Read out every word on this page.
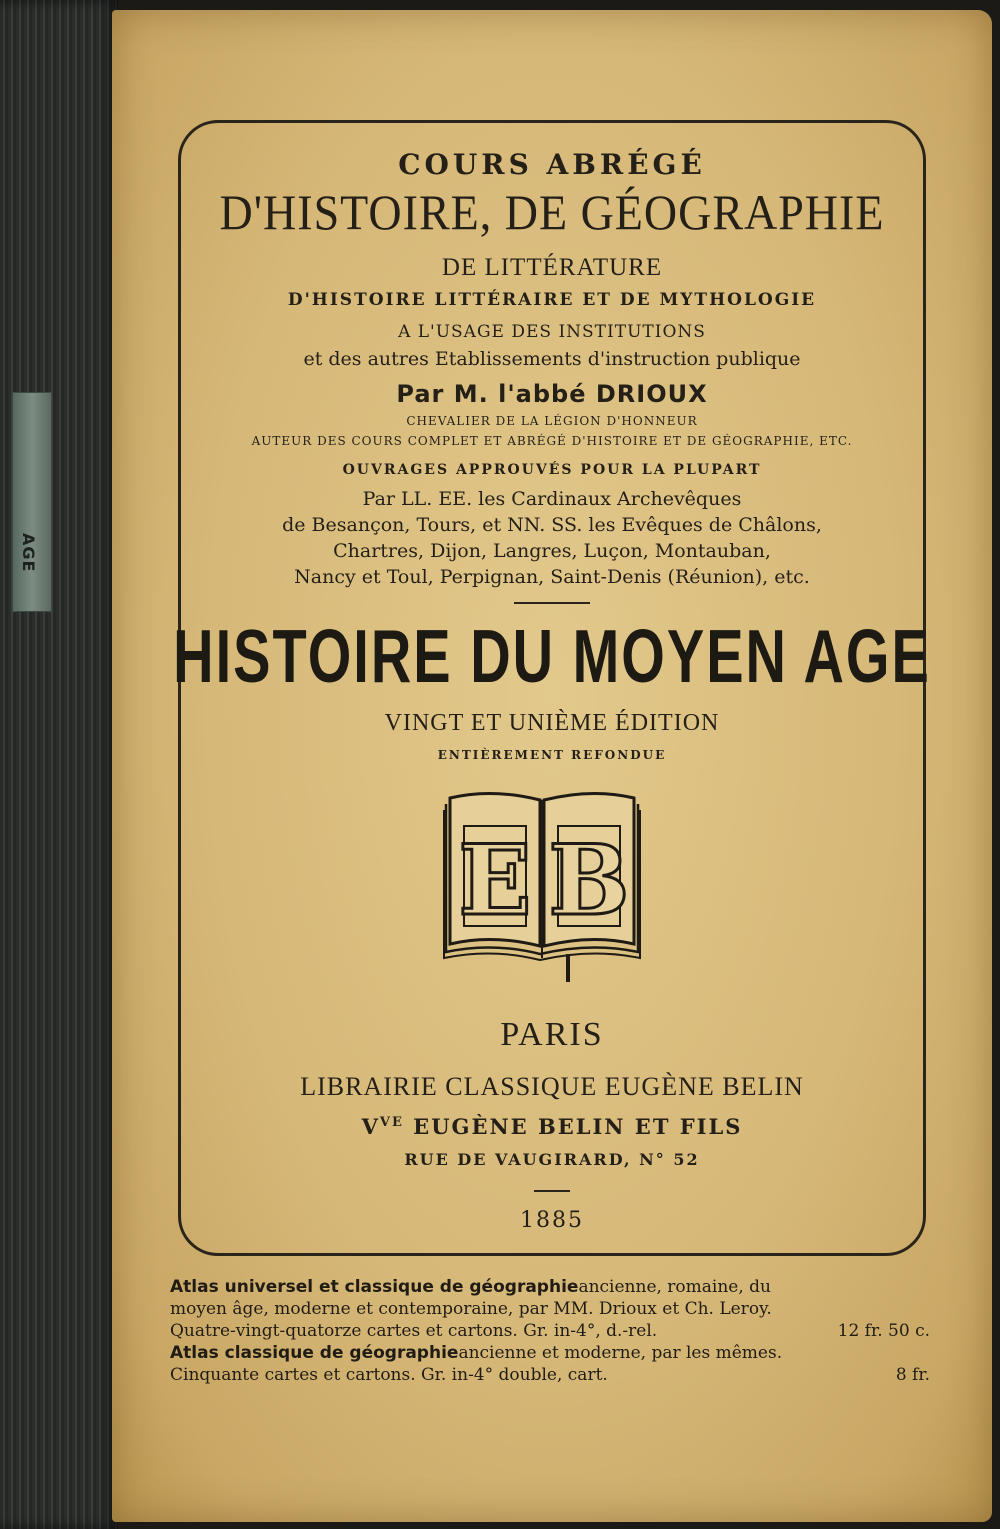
AGE
COURS ABRÉGÉ
D'HISTOIRE, DE GÉOGRAPHIE
DE LITTÉRATURE
D'HISTOIRE LITTÉRAIRE ET DE MYTHOLOGIE
A L'USAGE DES INSTITUTIONS
et des autres Etablissements d'instruction publique
Par M. l'abbé DRIOUX
CHEVALIER DE LA LÉGION D'HONNEUR
AUTEUR DES COURS COMPLET ET ABRÉGÉ D'HISTOIRE ET DE GÉOGRAPHIE, ETC.
OUVRAGES APPROUVÉS POUR LA PLUPART
Par LL. EE. les Cardinaux Archevêques
de Besançon, Tours, et NN. SS. les Evêques de Châlons,
Chartres, Dijon, Langres, Luçon, Montauban,
Nancy et Toul, Perpignan, Saint-Denis (Réunion), etc.
HISTOIRE DU MOYEN AGE
VINGT ET UNIÈME ÉDITION
ENTIÈREMENT REFONDUE
E B
PARIS
LIBRAIRIE CLASSIQUE EUGÈNE BELIN
$V^{VE}$ EUGÈNE BELIN ET FILS
RUE DE VAUGIRARD, N° 52
1885
Atlas universel et classique de géographie ancienne, romaine, du
moyen âge, moderne et contemporaine, par MM. Drioux et Ch. Leroy.
Quatre-vingt-quatorze cartes et cartons. Gr. in-4°, d.-rel.	12 fr. 50 c.
Atlas classique de géographie ancienne et moderne, par les mêmes.
Cinquante cartes et cartons. Gr. in-4° double, cart.	8 fr.
